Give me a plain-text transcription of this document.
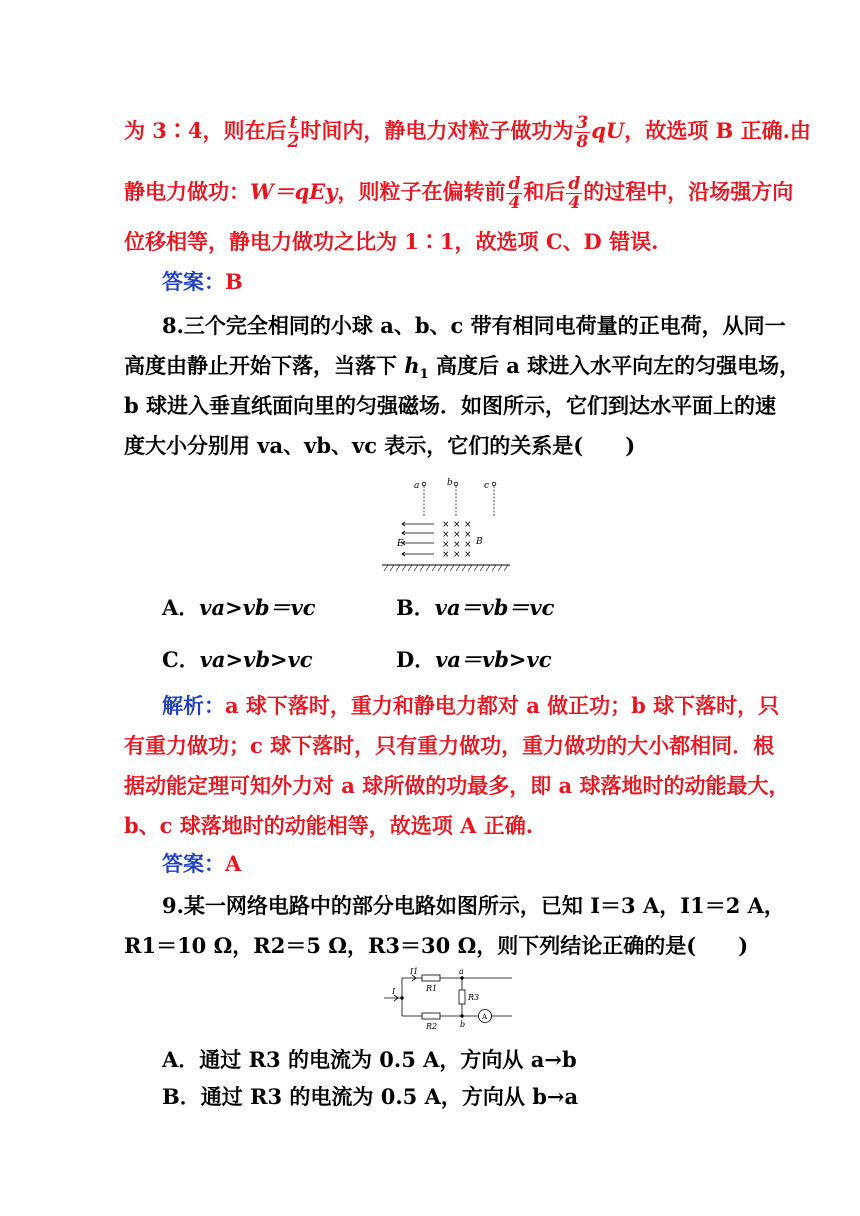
为 3∶4，则在后 $\frac{t}{2}$ 时间内，静电力对粒子做功为 $\frac{3}{8}$ qU，故选项 B 正确.由
静电力做功：W＝qEy，则粒子在偏转前 $\frac{d}{4}$ 和后 $\frac{d}{4}$ 的过程中，沿场强方向
位移相等，静电力做功之比为 1∶1，故选项 C、D 错误.
答案：B
8.三个完全相同的小球 a、b、c 带有相同电荷量的正电荷，从同一
高度由静止开始下落，当落下 $h_1$ 高度后 a 球进入水平向左的匀强电场，
b 球进入垂直纸面向里的匀强磁场．如图所示，它们到达水平面上的速
度大小分别用 va、vb、vc 表示，它们的关系是(　　)
a	b	c
E
× × ×
× × ×
× × ×
× × ×
B
A．va>vb＝vc	B．va＝vb＝vc
C．va>vb>vc	D．va＝vb>vc
解析：a 球下落时，重力和静电力都对 a 做正功；b 球下落时，只
有重力做功；c 球下落时，只有重力做功，重力做功的大小都相同．根
据动能定理可知外力对 a 球所做的功最多，即 a 球落地时的动能最大，
b、c 球落地时的动能相等，故选项 A 正确.
答案：A
9.某一网络电路中的部分电路如图所示，已知 I＝3 A，I1＝2 A，
R1＝10 Ω，R2＝5 Ω，R3＝30 Ω，则下列结论正确的是(　　)
I
I1
R1
R2
R3
a
b
A
A．通过 R3 的电流为 0.5 A，方向从 a→b
B．通过 R3 的电流为 0.5 A，方向从 b→a
